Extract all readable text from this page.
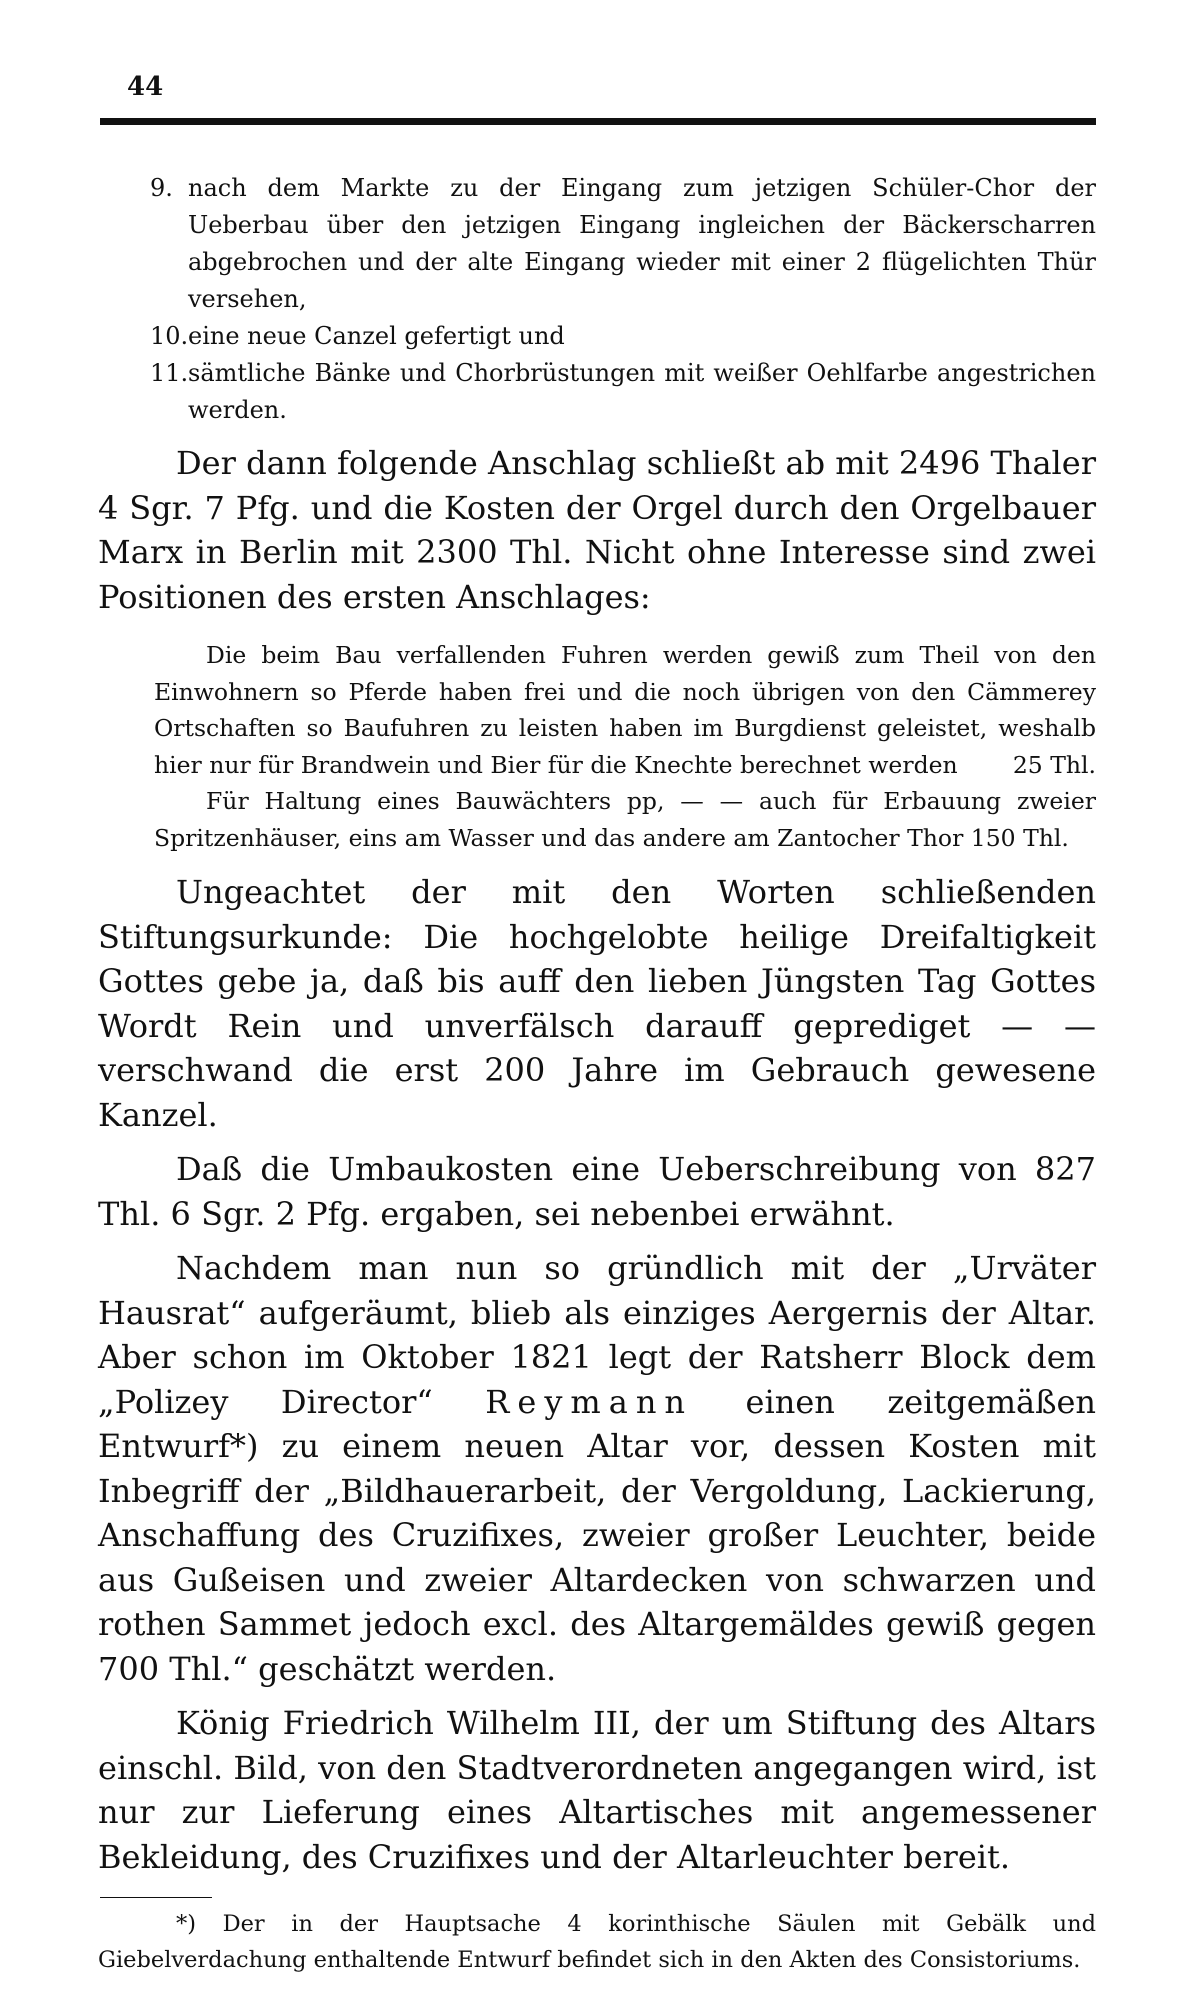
44
9. nach dem Markte zu der Eingang zum jetzigen Schüler-Chor der Ueberbau über den jetzigen Eingang ingleichen der Bäckerscharren abgebrochen und der alte Eingang wieder mit einer 2 flügelichten Thür versehen,
10. eine neue Canzel gefertigt und
11. sämtliche Bänke und Chorbrüstungen mit weißer Oehlfarbe angestrichen werden.

Der dann folgende Anschlag schließt ab mit 2496 Thaler 4 Sgr. 7 Pfg. und die Kosten der Orgel durch den Orgelbauer Marx in Berlin mit 2300 Thl. Nicht ohne Interesse sind zwei Positionen des ersten Anschlages:

Die beim Bau verfallenden Fuhren werden gewiß zum Theil von den Einwohnern so Pferde haben frei und die noch übrigen von den Cämmerey Ortschaften so Baufuhren zu leisten haben im Burgdienst geleistet, weshalb hier nur für Brandwein und Bier für die Knechte berechnet werden	25 Thl.

Für Haltung eines Bauwächters pp, — — auch für Erbauung zweier Spritzenhäuser, eins am Wasser und das andere am Zantocher Thor 150 Thl.

Ungeachtet der mit den Worten schließenden Stiftungsurkunde: Die hochgelobte heilige Dreifaltigkeit Gottes gebe ja, daß bis auff den lieben Jüngsten Tag Gottes Wordt Rein und unverfälsch darauff geprediget — — verschwand die erst 200 Jahre im Gebrauch gewesene Kanzel.

Daß die Umbaukosten eine Ueberschreibung von 827 Thl. 6 Sgr. 2 Pfg. ergaben, sei nebenbei erwähnt.

Nachdem man nun so gründlich mit der „Urväter Hausrat“ aufgeräumt, blieb als einziges Aergernis der Altar. Aber schon im Oktober 1821 legt der Ratsherr Block dem „Polizey Director“ Reymann einen zeitgemäßen Entwurf*) zu einem neuen Altar vor, dessen Kosten mit Inbegriff der „Bildhauerarbeit, der Vergoldung, Lackierung, Anschaffung des Cruzifixes, zweier großer Leuchter, beide aus Gußeisen und zweier Altardecken von schwarzen und rothen Sammet jedoch excl. des Altargemäldes gewiß gegen 700 Thl.“ geschätzt werden.

König Friedrich Wilhelm III, der um Stiftung des Altars einschl. Bild, von den Stadtverordneten angegangen wird, ist nur zur Lieferung eines Altartisches mit angemessener Bekleidung, des Cruzifixes und der Altarleuchter bereit.

*) Der in der Hauptsache 4 korinthische Säulen mit Gebälk und Giebelverdachung enthaltende Entwurf befindet sich in den Akten des Consistoriums.
